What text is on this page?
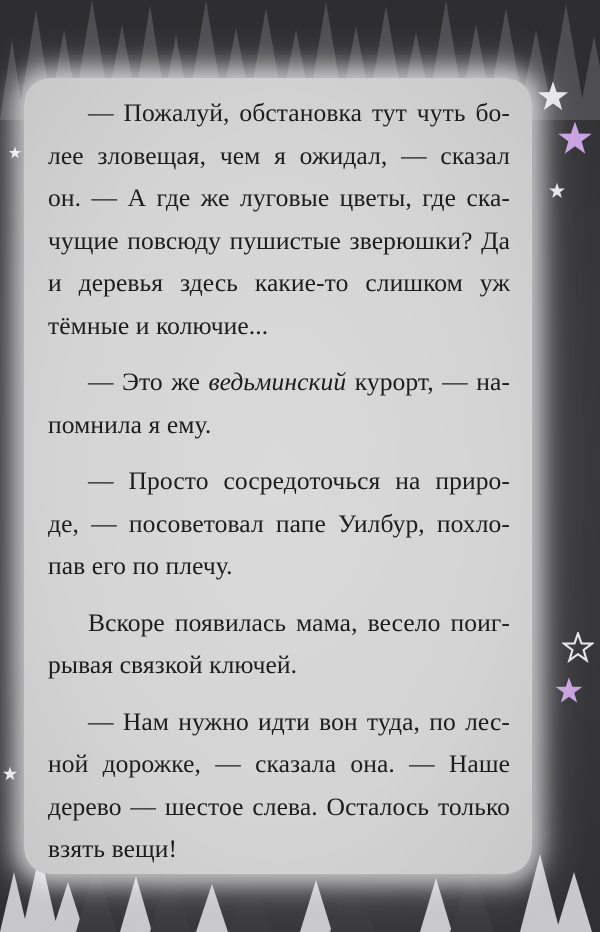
— Пожалуй, обстановка тут чуть бо-
лее зловещая, чем я ожидал, — сказал
он. — А где же луговые цветы, где ска-
чущие повсюду пушистые зверюшки? Да
и деревья здесь какие-то слишком уж
тёмные и колючие...

— Это же ведьминский курорт, — на-
помнила я ему.

— Просто сосредоточься на приро-
де, — посоветовал папе Уилбур, похло-
пав его по плечу.

Вскоре появилась мама, весело поиг-
рывая связкой ключей.

— Нам нужно идти вон туда, по лес-
ной дорожке, — сказала она. — Наше
дерево — шестое слева. Осталось только
взять вещи!
